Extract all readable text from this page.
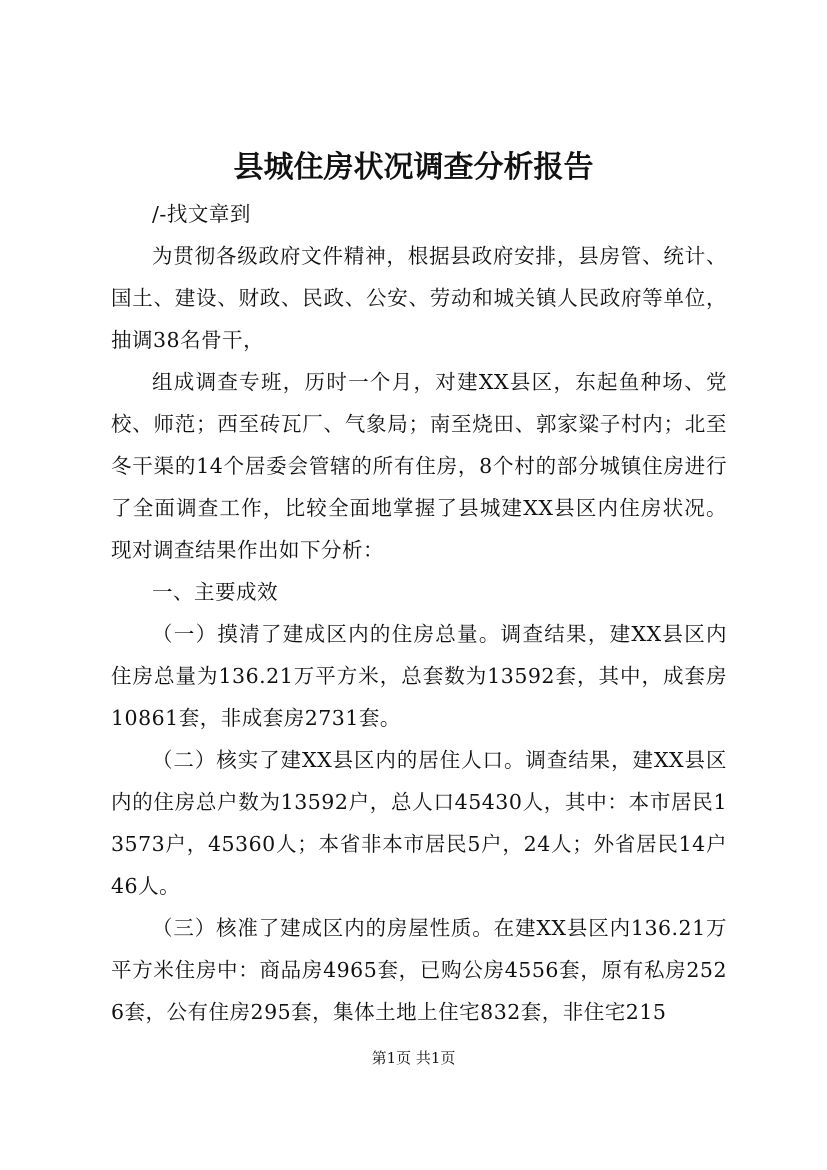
县城住房状况调查分析报告

/-找文章到

为贯彻各级政府文件精神，根据县政府安排，县房管、统计、国土、建设、财政、民政、公安、劳动和城关镇人民政府等单位，抽调38名骨干，

组成调查专班，历时一个月，对建XX县区，东起鱼种场、党校、师范；西至砖瓦厂、气象局；南至烧田、郭家粱子村内；北至冬干渠的14个居委会管辖的所有住房，8个村的部分城镇住房进行了全面调查工作，比较全面地掌握了县城建XX县区内住房状况。现对调查结果作出如下分析：

一、主要成效

（一）摸清了建成区内的住房总量。调查结果，建XX县区内住房总量为136.21万平方米，总套数为13592套，其中，成套房10861套，非成套房2731套。

（二）核实了建XX县区内的居住人口。调查结果，建XX县区内的住房总户数为13592户，总人口45430人，其中：本市居民13573户，45360人；本省非本市居民5户，24人；外省居民14户46人。

（三）核准了建成区内的房屋性质。在建XX县区内136.21万平方米住房中：商品房4965套，已购公房4556套，原有私房2526套，公有住房295套，集体土地上住宅832套，非住宅215

第1页 共1页
